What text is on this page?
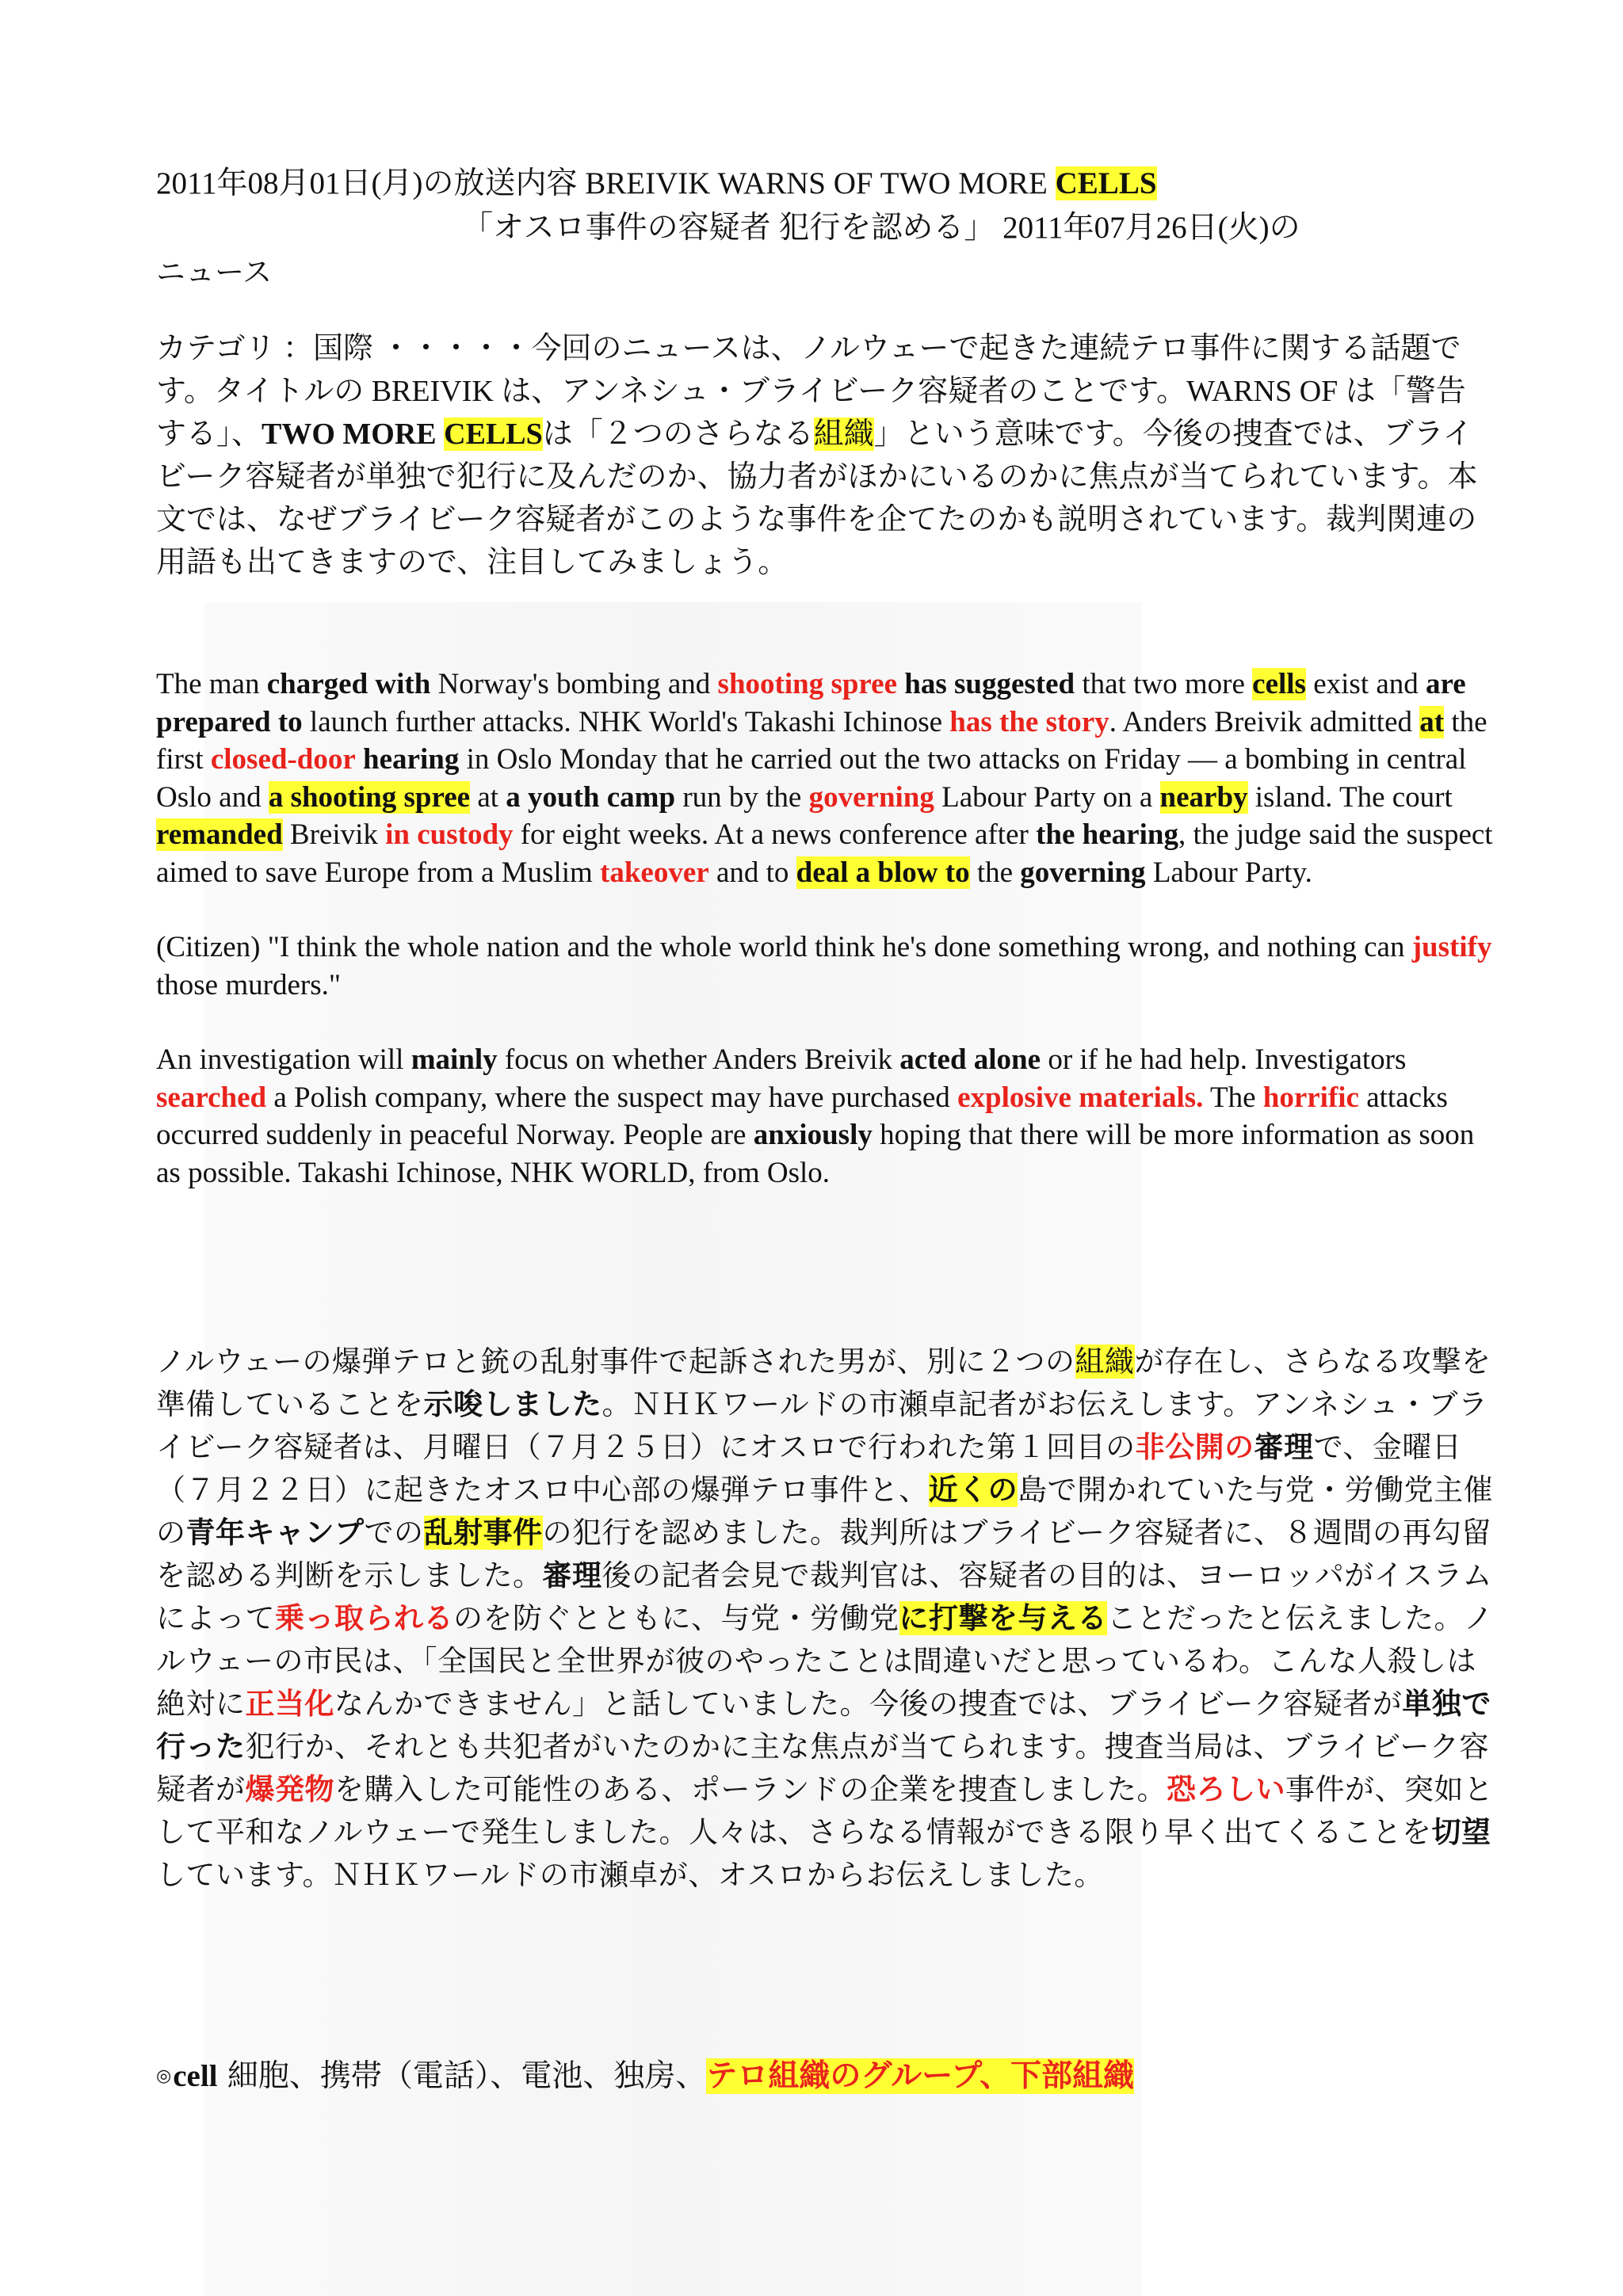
2011年08月01日(月)の放送内容 BREIVIK WARNS OF TWO MORE CELLS
「オスロ事件の容疑者 犯行を認める」 2011年07月26日(火)の
ニュース
カテゴリ ：国際 ・・・・・今回のニュースは、ノルウェーで起きた連続テロ事件に関する話題です。タイトルの BREIVIK は、アンネシュ・ブライビーク容疑者のことです。WARNS OF は「警告する」、TWO MORE CELLSは「２つのさらなる組織」という意味です。今後の捜査では、ブライビーク容疑者が単独で犯行に及んだのか、協力者がほかにいるのかに焦点が当てられています。本文では、なぜブライビーク容疑者がこのような事件を企てたのかも説明されています。裁判関連の用語も出てきますので、注目してみましょう。

The man charged with Norway's bombing and shooting spree has suggested that two more cells exist and are prepared to launch further attacks. NHK World's Takashi Ichinose has the story. Anders Breivik admitted at the first closed-door hearing in Oslo Monday that he carried out the two attacks on Friday — a bombing in central Oslo and a shooting spree at a youth camp run by the governing Labour Party on a nearby island. The court remanded Breivik in custody for eight weeks. At a news conference after the hearing, the judge said the suspect aimed to save Europe from a Muslim takeover and to deal a blow to the governing Labour Party.

(Citizen) "I think the whole nation and the whole world think he's done something wrong, and nothing can justify those murders."

An investigation will mainly focus on whether Anders Breivik acted alone or if he had help. Investigators searched a Polish company, where the suspect may have purchased explosive materials. The horrific attacks occurred suddenly in peaceful Norway. People are anxiously hoping that there will be more information as soon as possible. Takashi Ichinose, NHK WORLD, from Oslo.

ノルウェーの爆弾テロと銃の乱射事件で起訴された男が、別に２つの組織が存在し、さらなる攻撃を準備していることを示唆しました。ＮＨＫワールドの市瀬卓記者がお伝えします。アンネシュ・ブライビーク容疑者は、月曜日（７月２５日）にオスロで行われた第１回目の非公開の審理で、金曜日（７月２２日）に起きたオスロ中心部の爆弾テロ事件と、近くの島で開かれていた与党・労働党主催の青年キャンプでの乱射事件の犯行を認めました。裁判所はブライビーク容疑者に、８週間の再勾留を認める判断を示しました。審理後の記者会見で裁判官は、容疑者の目的は、ヨーロッパがイスラムによって乗っ取られるのを防ぐとともに、与党・労働党に打撃を与えることだったと伝えました。ノルウェーの市民は、「全国民と全世界が彼のやったことは間違いだと思っているわ。こんな人殺しは絶対に正当化なんかできません」と話していました。今後の捜査では、ブライビーク容疑者が単独で行った犯行か、それとも共犯者がいたのかに主な焦点が当てられます。捜査当局は、ブライビーク容疑者が爆発物を購入した可能性のある、ポーランドの企業を捜査しました。恐ろしい事件が、突如として平和なノルウェーで発生しました。人々は、さらなる情報ができる限り早く出てくることを切望しています。ＮＨＫワールドの市瀬卓が、オスロからお伝えしました。
◎cell 細胞、携帯（電話）、電池、独房、テロ組織のグループ、下部組織
